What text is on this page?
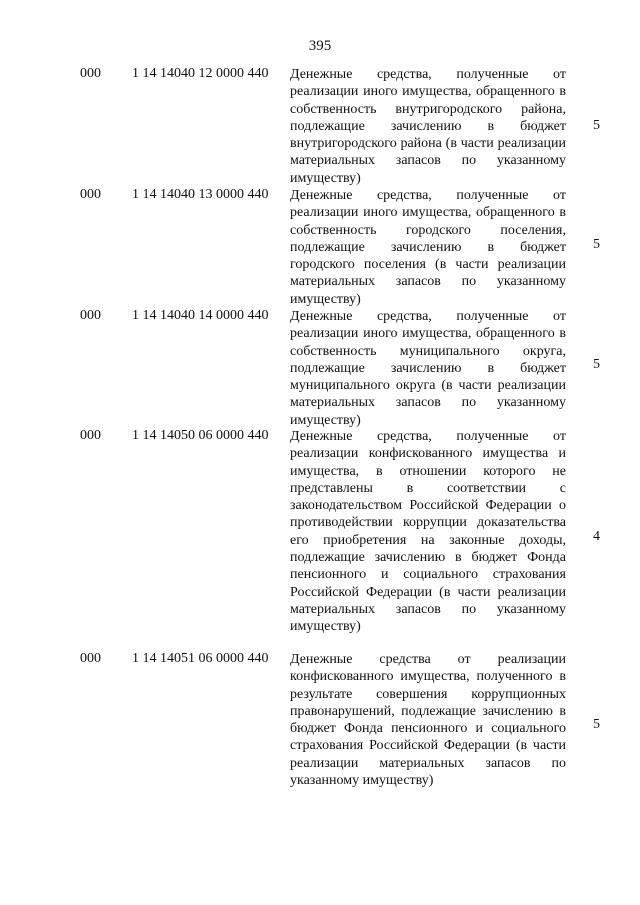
395
000 1 14 14040 12 0000 440 Денежные средства, полученные от реализации иного имущества, обращенного в собственность внутригородского района, подлежащие зачислению в бюджет внутригородского района (в части реализации материальных запасов по указанному имуществу)

5
000 1 14 14040 13 0000 440 Денежные средства, полученные от реализации иного имущества, обращенного в собственность городского поселения, подлежащие зачислению в бюджет городского поселения (в части реализации материальных запасов по указанному имуществу)

5
000 1 14 14040 14 0000 440 Денежные средства, полученные от реализации иного имущества, обращенного в собственность муниципального округа, подлежащие зачислению в бюджет муниципального округа (в части реализации материальных запасов по указанному имуществу)

5
000 1 14 14050 06 0000 440 Денежные средства, полученные от реализации конфискованного имущества и имущества, в отношении которого не представлены в соответствии с законодательством Российской Федерации о противодействии коррупции доказательства его приобретения на законные доходы, подлежащие зачислению в бюджет Фонда пенсионного и социального страхования Российской Федерации (в части реализации материальных запасов по указанному имуществу)

4
000 1 14 14051 06 0000 440 Денежные средства от реализации конфискованного имущества, полученного в результате совершения коррупционных правонарушений, подлежащие зачислению в бюджет Фонда пенсионного и социального страхования Российской Федерации (в части реализации материальных запасов по указанному имуществу)

5
